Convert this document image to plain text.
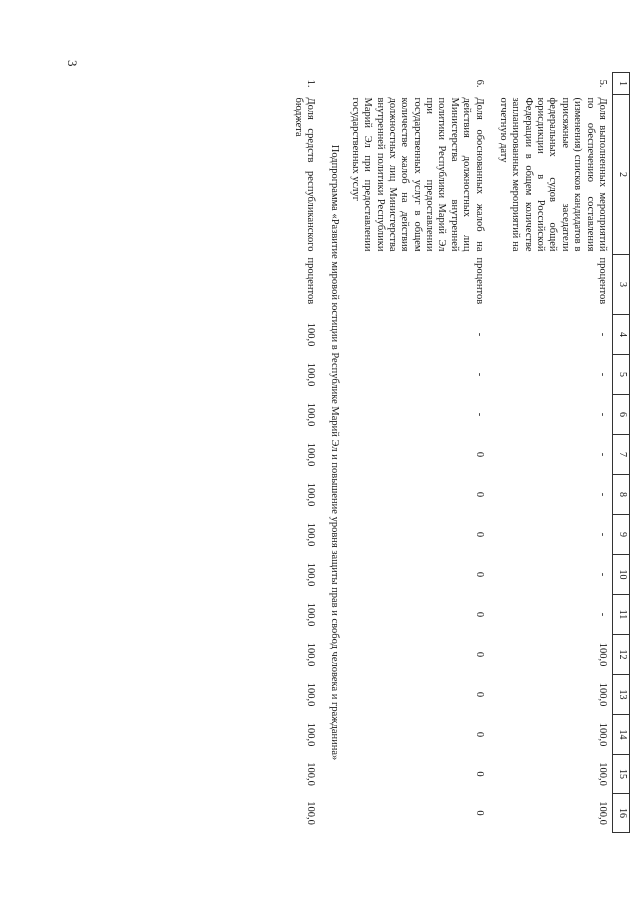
3
1	2	3	4	5	6	7	8	9	10	11	12	13	14	15	16
5.	Доля выполненных мероприятий по обеспечению составления (изменения) списков кандидатов в присяжные заседатели федеральных судов общей юрисдикции в Российской Федерации в общем количестве запланированных мероприятий на отчетную дату	процентов	-	-	-	-	-	-	-	-	100,0	100,0	100,0	100,0	100,0

6.	Доля обоснованных жалоб на действия должностных лиц Министерства внутренней политики Республики Марий Эл при предоставлении государственных услуг в общем количестве жалоб на действия должностных лиц Министерства внутренней политики Республики Марий Эл при предоставлении государственных услуг	процентов	-	-	-	0	0	0	0	0	0	0	0	0	0
Подпрограмма «Развитие мировой юстиции в Республике Марий Эл и повышение уровня защиты прав и свобод человека и гражданина»															
1.	Доля средств республиканского бюджета	процентов	100,0	100,0	100,0	100,0	100,0	100,0	100,0	100,0	100,0	100,0	100,0	100,0	100,0
